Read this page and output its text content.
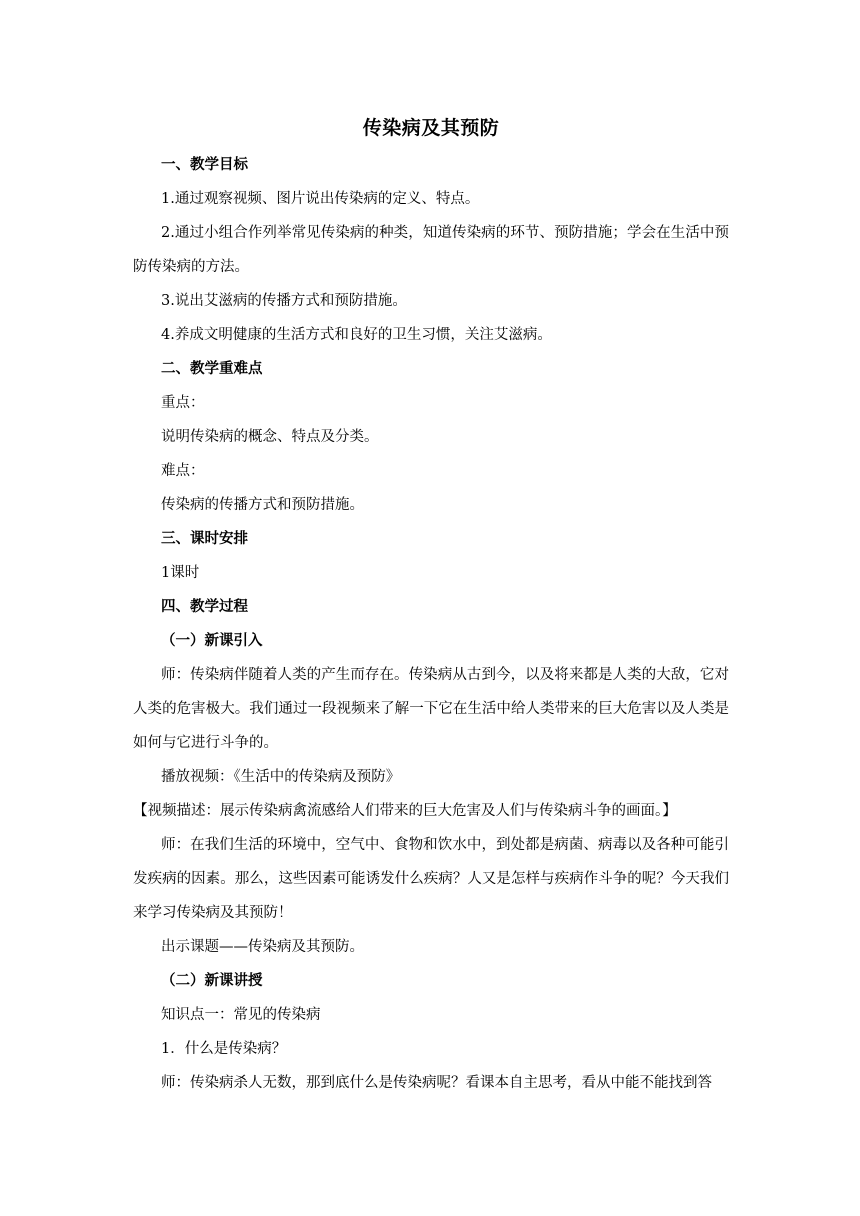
传染病及其预防

一、教学目标

1.通过观察视频、图片说出传染病的定义、特点。

2.通过小组合作列举常见传染病的种类，知道传染病的环节、预防措施；学会在生活中预防传染病的方法。

3.说出艾滋病的传播方式和预防措施。

4.养成文明健康的生活方式和良好的卫生习惯，关注艾滋病。

二、教学重难点

重点：

说明传染病的概念、特点及分类。

难点：

传染病的传播方式和预防措施。

三、课时安排

1课时

四、教学过程

（一）新课引入

师：传染病伴随着人类的产生而存在。传染病从古到今，以及将来都是人类的大敌，它对人类的危害极大。我们通过一段视频来了解一下它在生活中给人类带来的巨大危害以及人类是如何与它进行斗争的。

播放视频：《生活中的传染病及预防》

【视频描述：展示传染病禽流感给人们带来的巨大危害及人们与传染病斗争的画面。】

师：在我们生活的环境中，空气中、食物和饮水中，到处都是病菌、病毒以及各种可能引发疾病的因素。那么，这些因素可能诱发什么疾病？人又是怎样与疾病作斗争的呢？今天我们来学习传染病及其预防！

出示课题——传染病及其预防。

（二）新课讲授

知识点一：常见的传染病

1．什么是传染病？

师：传染病杀人无数，那到底什么是传染病呢？看课本自主思考，看从中能不能找到答
